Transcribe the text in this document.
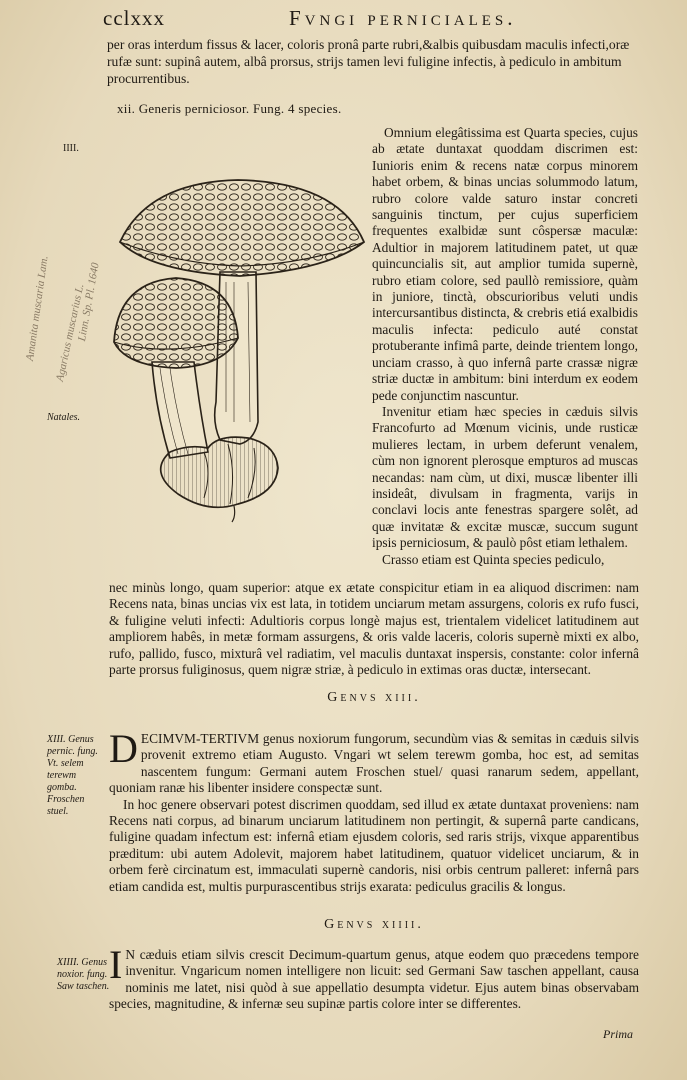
cclxxx	Fvngi perniciales.
per oras interdum fissus & lacer, coloris pronâ parte rubri,&albis quibusdam maculis infecti,oræ rufæ sunt: supinâ autem, albâ prorsus, strijs tamen levi fuligine infectis, à pediculo in ambitum procurrentibus.
xii. Generis perniciosor. Fung. 4 species.
IIII.
Amanita muscaria Lam. Agaricus muscarius L.
Linn. Sp. Pl. 1640
Natales.

Omnium elegâtissima est Quarta species, cujus ab ætate duntaxat quoddam discrimen est: Iunioris enim & recens natæ corpus minorem habet orbem, & binas uncias solummodo latum, rubro colore valde saturo instar concreti sanguinis tinctum, per cujus superficiem frequentes exalbidæ sunt côspersæ maculæ: Adultior in majorem latitudinem patet, ut quæ quincuncialis sit, aut amplior tumida supernè, rubro etiam colore, sed paullò remissiore, quàm in juniore, tinctà, obscurioribus veluti undis intercursantibus distincta, & crebris etiá exalbidis maculis infecta: pediculo auté constat protuberante infimâ parte, deinde trientem longo, unciam crasso, à quo infernâ parte crassæ nigræ striæ ductæ in ambitum: bini interdum ex eodem pede conjunctim nascuntur.

Invenitur etiam hæc species in cæduis silvis Francofurto ad Mœnum vicinis, unde rusticæ mulieres lectam, in urbem deferunt venalem, cùm non ignorent plerosque empturos ad muscas necandas: nam cùm, ut dixi, muscæ libenter illi insideât, divulsam in fragmenta, varijs in conclavi locis ante fenestras spargere solêt, ad quæ invitatæ & excitæ muscæ, succum sugunt ipsis perniciosum, & paulò pôst etiam lethalem.

Crasso etiam est Quinta species pediculo,

nec minùs longo, quam superior: atque ex ætate conspicitur etiam in ea aliquod discrimen: nam Recens nata, binas uncias vix est lata, in totidem unciarum metam assurgens, coloris ex rufo fusci, & fuligine veluti infecti: Adultioris corpus longè majus est, trientalem videlicet latitudinem aut ampliorem habês, in metæ formam assurgens, & oris valde laceris, coloris supernè mixti ex albo, rufo, pallido, fusco, mixturâ vel radiatim, vel maculis duntaxat inspersis, constante: color infernâ parte prorsus fuliginosus, quem nigræ striæ, à pediculo in extimas oras ductæ, intersecant.
Genvs xiii.
XIII. Genus pernic. fung. Vt. selem terewm gomba. Froschen stuel.

DECIMVM-TERTIVM genus noxiorum fungorum, secundùm vias & semitas in cæduis silvis provenit extremo etiam Augusto. Vngari wt selem terewm gomba, hoc est, ad semitas nascentem fungum: Germani autem Froschen stuel/ quasi ranarum sedem, appellant, quoniam ranæ his libenter insidere conspectæ sunt.

In hoc genere observari potest discrimen quoddam, sed illud ex ætate duntaxat provenìens: nam Recens nati corpus, ad binarum unciarum latitudinem non pertingit, & supernâ parte candicans, fuligine quadam infectum est: infernâ etiam ejusdem coloris, sed raris strijs, vixque apparentibus præditum: ubi autem Adolevit, majorem habet latitudinem, quatuor videlicet unciarum, & in orbem ferè circinatum est, immaculati supernè candoris, nisi orbis centrum palleret: infernâ pars etiam candida est, multis purpurascentibus strijs exarata: pediculus gracilis & longus.

Genvs xiiii.
XIIII. Genus noxior. fung. Saw taschen. I N cæduis etiam silvis crescit Decimum-quartum genus, atque eodem quo præcedens tempore invenitur. Vngaricum nomen intelligere non licuit: sed Germani Saw taschen appellant, causa nominis me latet, nisi quòd à sue appellatio desumpta videtur. Ejus autem binas observabam species, magnitudine, & infernæ seu supinæ partis colore inter se differentes.

Prima
